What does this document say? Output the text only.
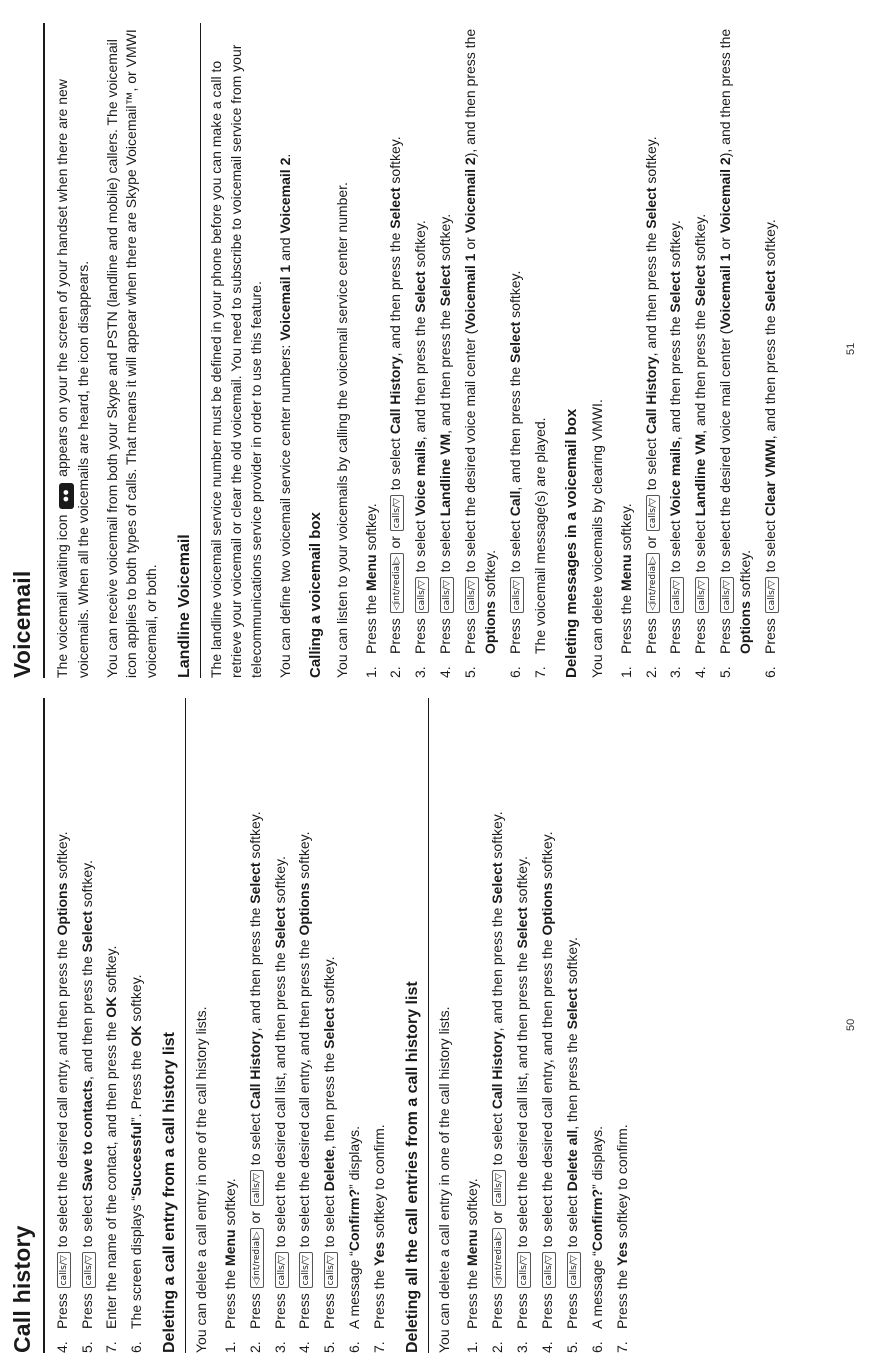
Call history	4.
Press calls/▽ to select the desired call entry, and then press the Options softkey.
5.
Press calls/▽ to select Save to contacts, and then press the Select softkey.
7.
Enter the name of the contact, and then press the OK softkey.
6.
The screen displays “Successful”. Press the OK softkey.
Deleting a call entry from a call history list	You can delete a call entry in one of the call history lists. 1.
Press the Menu softkey.
2.
Press ◁int/redial▷ or calls/▽ to select Call History, and then press the Select softkey.
3.
Press calls/▽ to select the desired call list, and then press the Select softkey.
4.
Press calls/▽ to select the desired call entry, and then press the Options softkey.
5.
Press calls/▽ to select Delete, then press the Select softkey.
6.
A message “Confirm?” displays.
7.
Press the Yes softkey to confirm. Deleting all the call entries from a call history list	You can delete a call entry in one of the call history lists. 1.
Press the Menu softkey.
2.
Press ◁int/redial▷ or calls/▽ to select Call History, and then press the Select softkey.
3.
Press calls/▽ to select the desired call list, and then press the Select softkey.
4.
Press calls/▽ to select the desired call entry, and then press the Options softkey.
5.
Press calls/▽ to select Delete all, then press the Select softkey.
6.
A message “Confirm?” displays.
7.
Press the Yes softkey to confirm.
50
Voicemail	The voicemail waiting icon ●● appears on your the screen of your handset when there are new voicemails. When all the voicemails are heard, the icon disappears. You can receive voicemail from both your Skype and PSTN (landline and mobile) callers. The voicemail icon applies to both types of calls. That means it will appear when there are Skype Voicemail™, or VMWI voicemail, or both. Landline Voicemail	The landline voicemail service number must be defined in your phone before you can make a call to retrieve your voicemail or clear the old voicemail. You need to subscribe to voicemail service from your telecommunications service provider in order to use this feature. You can define two voicemail service center numbers: Voicemail 1 and Voicemail 2.

Calling a voicemail box You can listen to your voicemails by calling the voicemail service center number. 1.
Press the Menu softkey.
2.
Press ◁int/redial▷ or calls/▽ to select Call History, and then press the Select softkey.
3.
Press calls/▽ to select Voice mails, and then press the Select softkey.
4.
Press calls/▽ to select Landline VM, and then press the Select softkey.
5.
Press calls/▽ to select the desired voice mail center (Voicemail 1 or Voicemail 2), and then press the Options softkey.
6.
Press calls/▽ to select Call, and then press the Select softkey.
7.
The voicemail message(s) are played. Deleting messages in a voicemail box You can delete voicemails by clearing VMWI. 1.
Press the Menu softkey.
2.
Press ◁int/redial▷ or calls/▽ to select Call History, and then press the Select softkey.
3.
Press calls/▽ to select Voice mails, and then press the Select softkey.
4.
Press calls/▽ to select Landline VM, and then press the Select softkey.
5.
Press calls/▽ to select the desired voice mail center (Voicemail 1 or Voicemail 2), and then press the Options softkey.
6.
Press calls/▽ to select Clear VMWI, and then press the Select softkey.
51
